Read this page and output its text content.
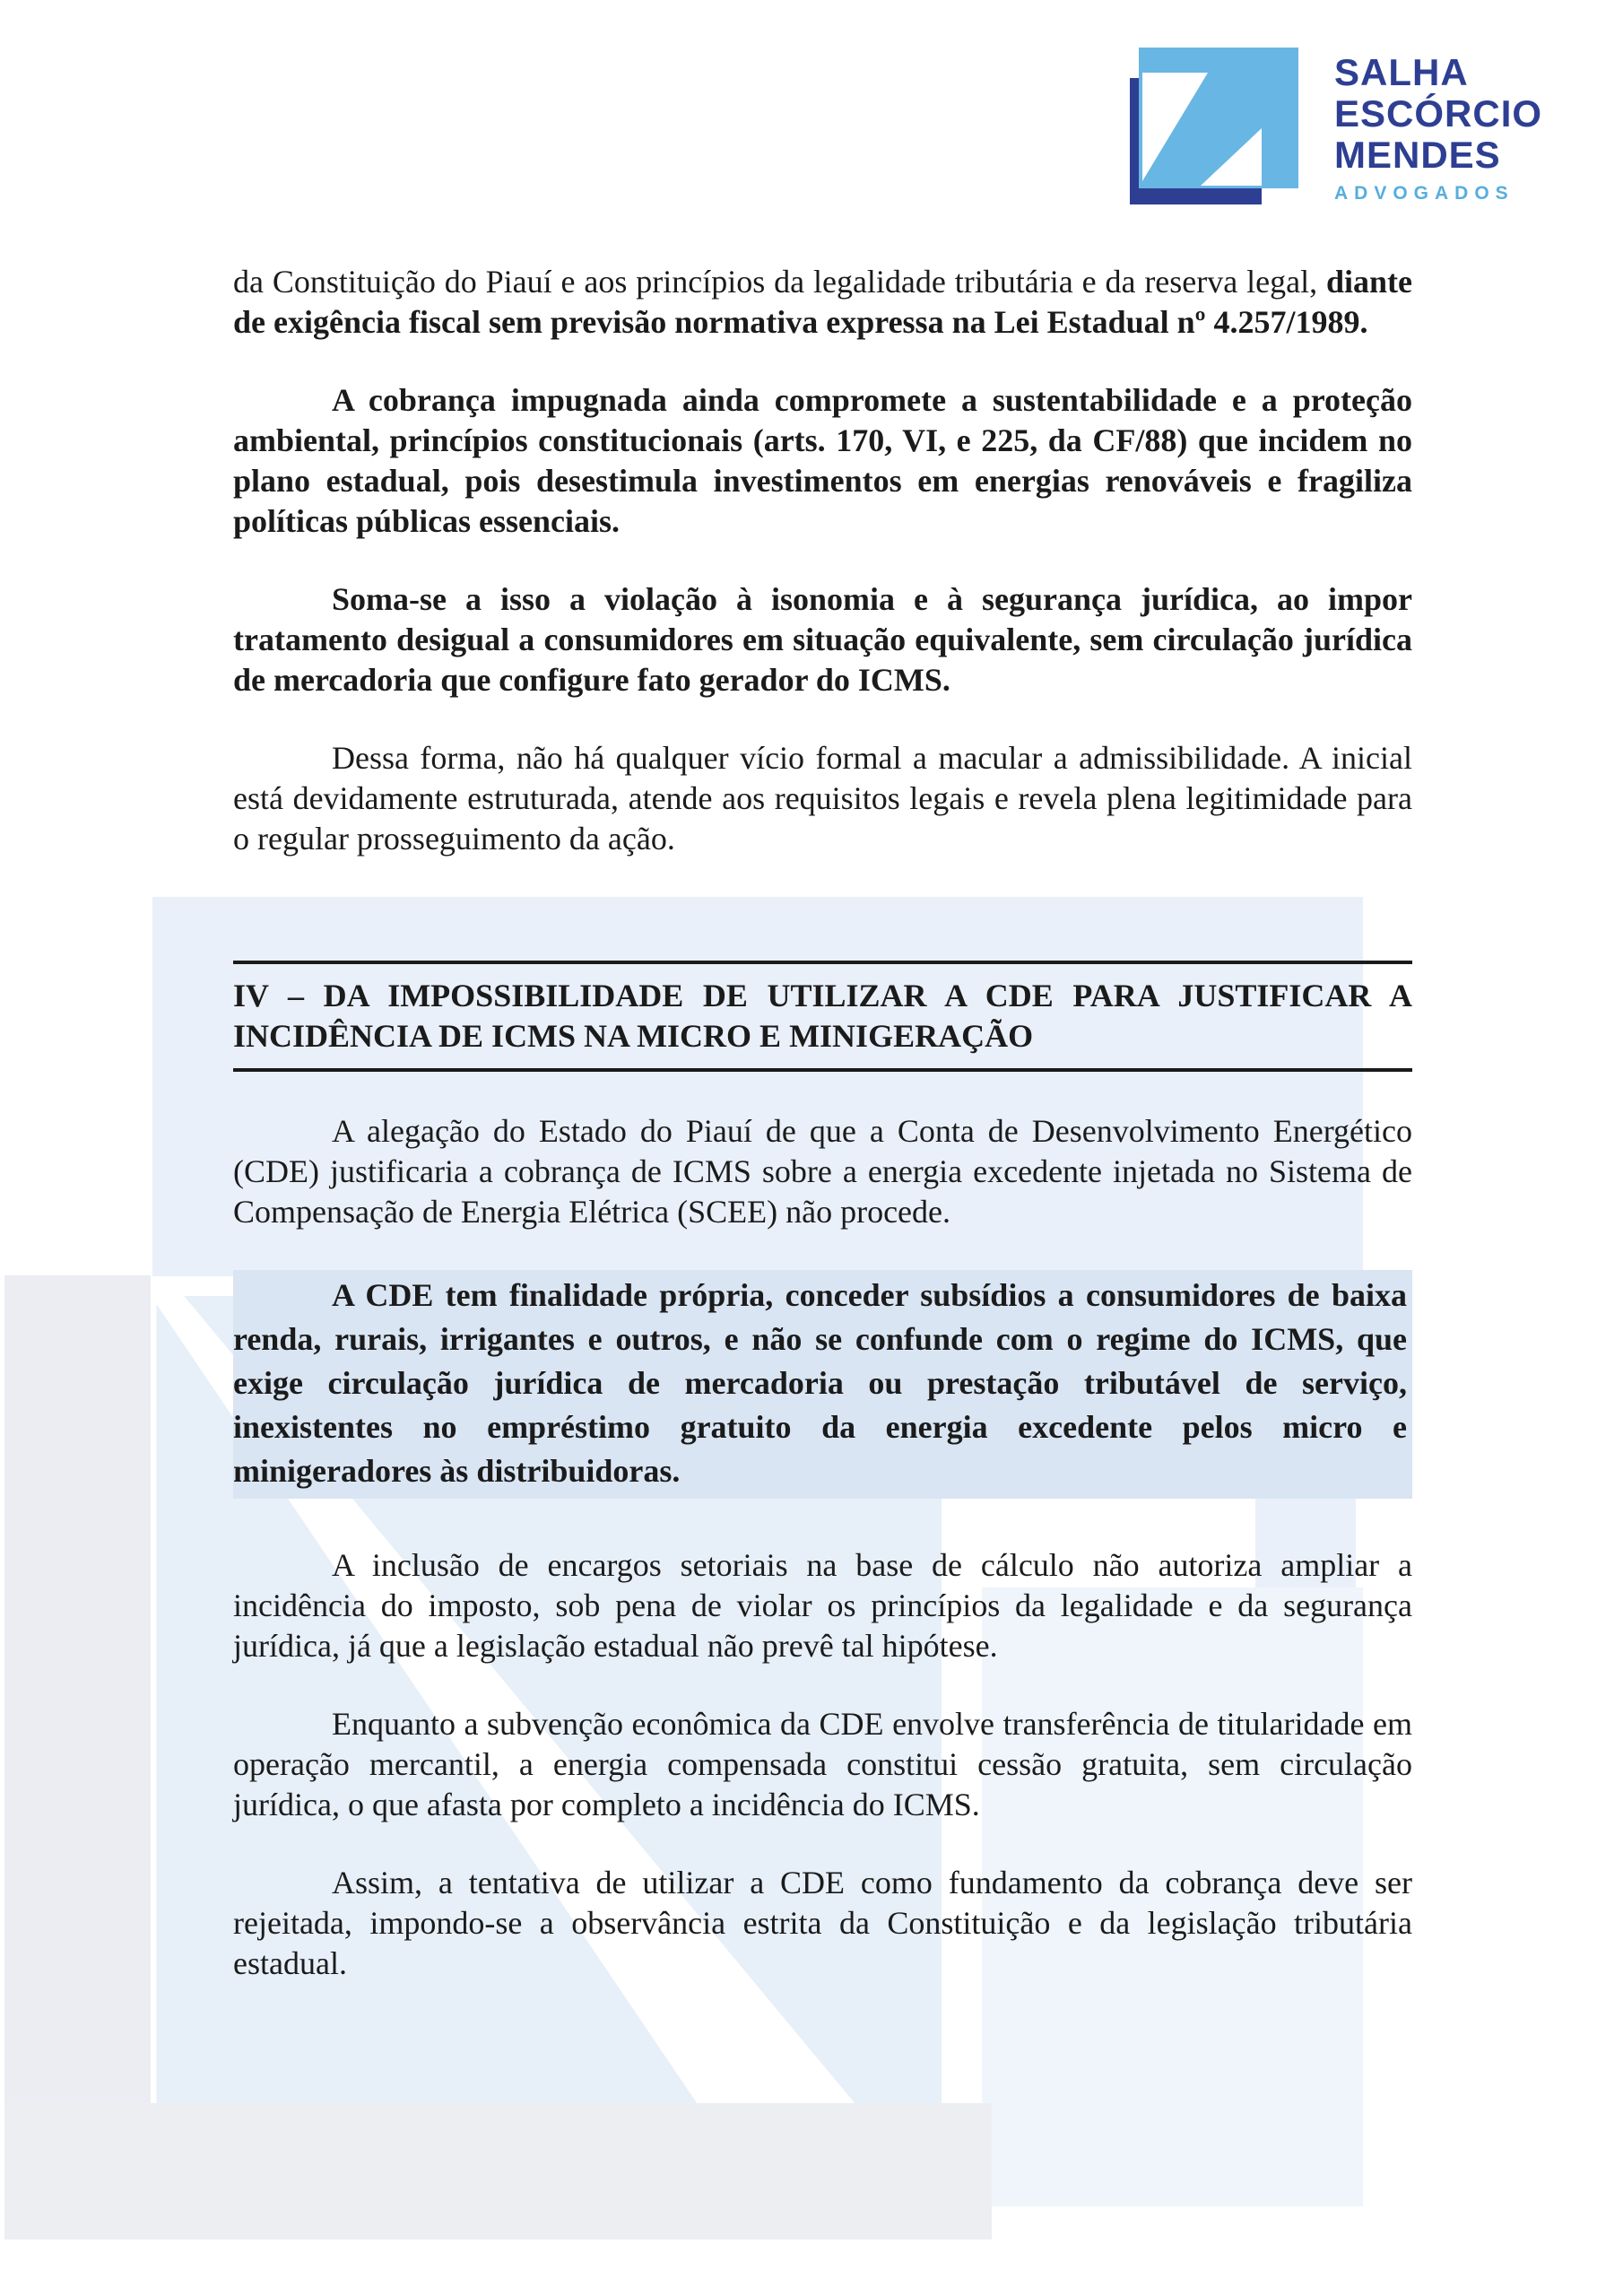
SALHA
ESCÓRCIO
MENDES
ADVOGADOS

da Constituição do Piauí e aos princípios da legalidade tributária e da reserva legal, diante de exigência fiscal sem previsão normativa expressa na Lei Estadual nº 4.257/1989.

A cobrança impugnada ainda compromete a sustentabilidade e a proteção ambiental, princípios constitucionais (arts. 170, VI, e 225, da CF/88) que incidem no plano estadual, pois desestimula investimentos em energias renováveis e fragiliza políticas públicas essenciais.

Soma-se a isso a violação à isonomia e à segurança jurídica, ao impor tratamento desigual a consumidores em situação equivalente, sem circulação jurídica de mercadoria que configure fato gerador do ICMS.

Dessa forma, não há qualquer vício formal a macular a admissibilidade. A inicial está devidamente estruturada, atende aos requisitos legais e revela plena legitimidade para o regular prosseguimento da ação.

IV – DA IMPOSSIBILIDADE DE UTILIZAR A CDE PARA JUSTIFICAR A INCIDÊNCIA DE ICMS NA MICRO E MINIGERAÇÃO

A alegação do Estado do Piauí de que a Conta de Desenvolvimento Energético (CDE) justificaria a cobrança de ICMS sobre a energia excedente injetada no Sistema de Compensação de Energia Elétrica (SCEE) não procede.

A CDE tem finalidade própria, conceder subsídios a consumidores de baixa renda, rurais, irrigantes e outros, e não se confunde com o regime do ICMS, que exige circulação jurídica de mercadoria ou prestação tributável de serviço, inexistentes no empréstimo gratuito da energia excedente pelos micro e minigeradores às distribuidoras.

A inclusão de encargos setoriais na base de cálculo não autoriza ampliar a incidência do imposto, sob pena de violar os princípios da legalidade e da segurança jurídica, já que a legislação estadual não prevê tal hipótese.

Enquanto a subvenção econômica da CDE envolve transferência de titularidade em operação mercantil, a energia compensada constitui cessão gratuita, sem circulação jurídica, o que afasta por completo a incidência do ICMS.

Assim, a tentativa de utilizar a CDE como fundamento da cobrança deve ser rejeitada, impondo-se a observância estrita da Constituição e da legislação tributária estadual.
